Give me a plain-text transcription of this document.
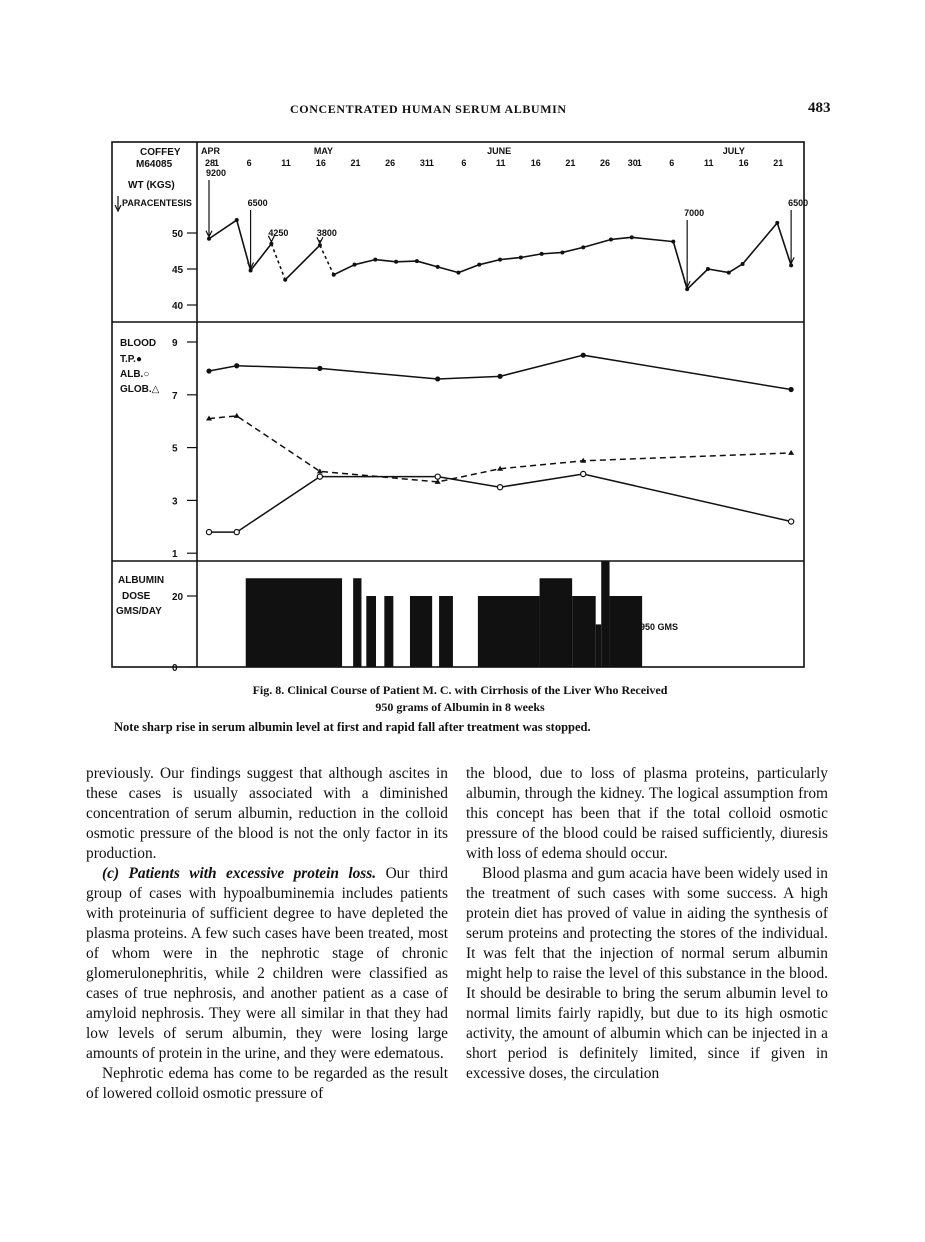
CONCENTRATED HUMAN SERUM ALBUMIN	483
COFFEY
M64085
WT (KGS)
PARACENTESIS
50
45
40
APR	MAY	JUNE	JULY
28
1	6	11	16	21	26	31
1	6	11	16	21	26 30
1	6	11	16	21
9200
6500
4250	3800
7000
6500
BLOOD
T.P.●
ALB.○
GLOB.△
9
7
5
3
1
ALBUMIN
DOSE
GMS/DAY
20
0
950 GMS
Fig. 8. Clinical Course of Patient M. C. with Cirrhosis of the Liver Who Received
950 grams of Albumin in 8 weeks
Note sharp rise in serum albumin level at first and rapid fall after treatment was stopped.

previously. Our findings suggest that although ascites in these cases is usually associated with a diminished concentration of serum albumin, reduction in the colloid osmotic pressure of the blood is not the only factor in its production.

(c) Patients with excessive protein loss. Our third group of cases with hypoalbuminemia includes patients with proteinuria of sufficient degree to have depleted the plasma proteins. A few such cases have been treated, most of whom were in the nephrotic stage of chronic glomerulonephritis, while 2 children were classified as cases of true nephrosis, and another patient as a case of amyloid nephrosis. They were all similar in that they had low levels of serum albumin, they were losing large amounts of protein in the urine, and they were edematous.

Nephrotic edema has come to be regarded as the result of lowered colloid osmotic pressure of

the blood, due to loss of plasma proteins, particularly albumin, through the kidney. The logical assumption from this concept has been that if the total colloid osmotic pressure of the blood could be raised sufficiently, diuresis with loss of edema should occur.

Blood plasma and gum acacia have been widely used in the treatment of such cases with some success. A high protein diet has proved of value in aiding the synthesis of serum proteins and protecting the stores of the individual. It was felt that the injection of normal serum albumin might help to raise the level of this substance in the blood. It should be desirable to bring the serum albumin level to normal limits fairly rapidly, but due to its high osmotic activity, the amount of albumin which can be injected in a short period is definitely limited, since if given in excessive doses, the circulation
